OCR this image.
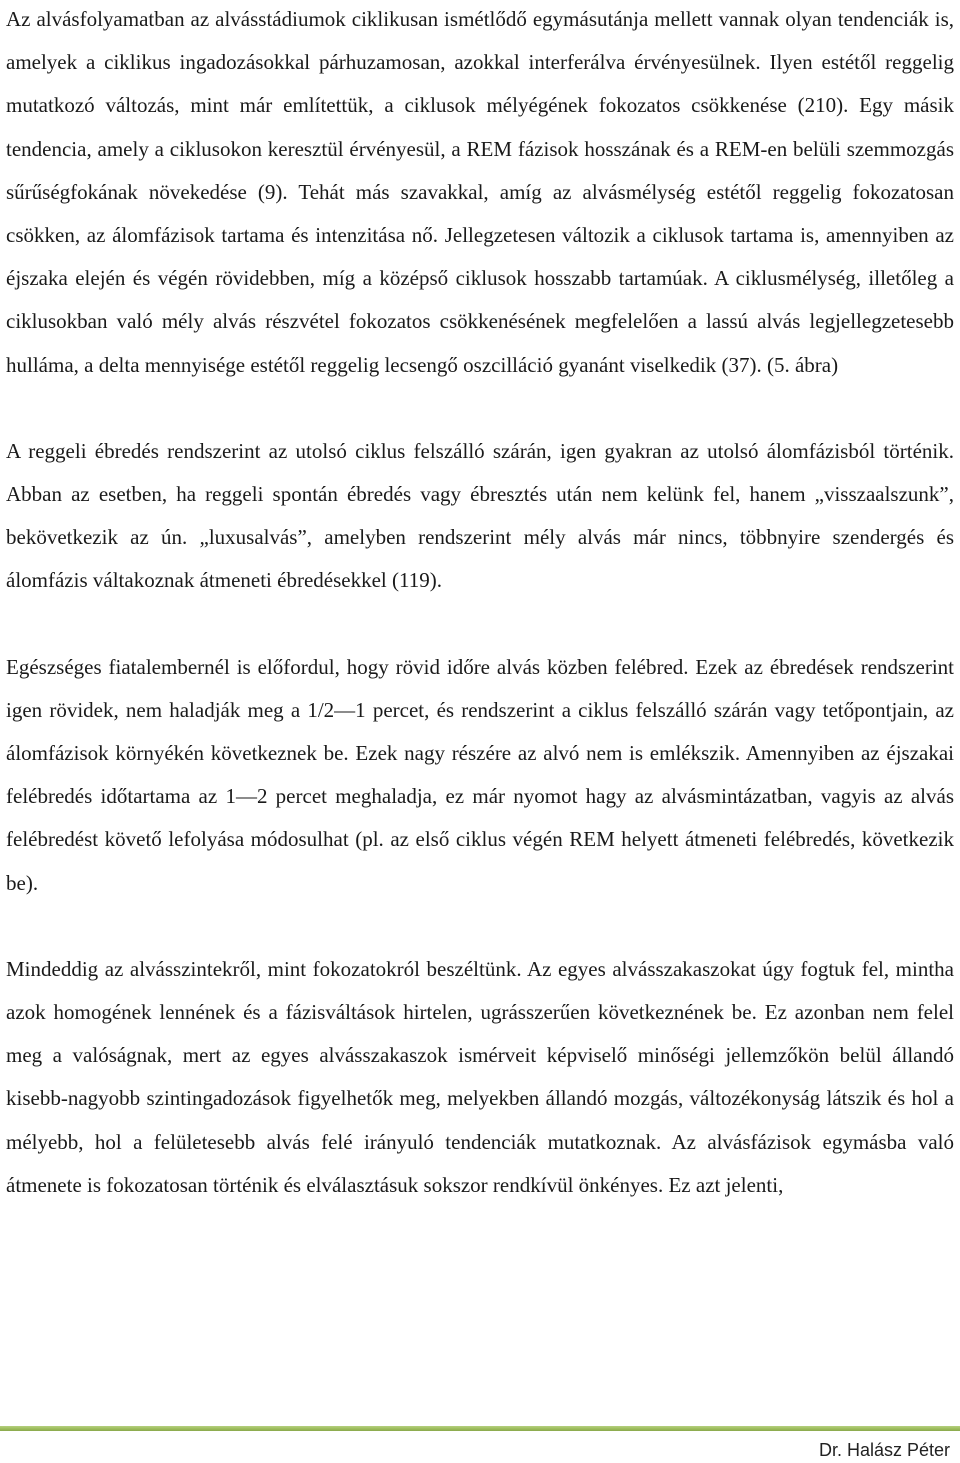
Az alvásfolyamatban az alvásstádiumok ciklikusan ismétlődő egymásutánja mellett vannak olyan tendenciák is, amelyek a ciklikus ingadozásokkal párhuzamosan, azokkal interferálva érvényesülnek. Ilyen estétől reggelig mutatkozó változás, mint már említettük, a ciklusok mélyégének fokozatos csökkenése (210). Egy másik tendencia, amely a ciklusokon keresztül érvényesül, a REM fázisok hosszának és a REM-en belüli szemmozgás sűrűségfokának növekedése (9). Tehát más szavakkal, amíg az alvásmélység estétől reggelig fokozatosan csökken, az álomfázisok tartama és intenzitása nő. Jellegzetesen változik a ciklusok tartama is, amennyiben az éjszaka elején és végén rövidebben, míg a középső ciklusok hosszabb tartamúak. A ciklusmélység, illetőleg a ciklusokban való mély alvás részvétel fokozatos csökkenésének megfelelően a lassú alvás legjellegzetesebb hulláma, a delta mennyisége estétől reggelig lecsengő oszcilláció gyanánt viselkedik (37). (5. ábra)

A reggeli ébredés rendszerint az utolsó ciklus felszálló szárán, igen gyakran az utolsó álomfázisból történik. Abban az esetben, ha reggeli spontán ébredés vagy ébresztés után nem kelünk fel, hanem „visszaalszunk”, bekövetkezik az ún. „luxusalvás”, amelyben rendszerint mély alvás már nincs, többnyire szendergés és álomfázis váltakoznak átmeneti ébredésekkel (119).

Egészséges fiatalembernél is előfordul, hogy rövid időre alvás közben felébred. Ezek az ébredések rendszerint igen rövidek, nem haladják meg a 1/2—1 percet, és rendszerint a ciklus felszálló szárán vagy tetőpontjain, az álomfázisok környékén következnek be. Ezek nagy részére az alvó nem is emlékszik. Amennyiben az éjszakai felébredés időtartama az 1—2 percet meghaladja, ez már nyomot hagy az alvásmintázatban, vagyis az alvás felébredést követő lefolyása módosulhat (pl. az első ciklus végén REM helyett átmeneti felébredés, következik be).

Mindeddig az alvásszintekről, mint fokozatokról beszéltünk. Az egyes alvásszakaszokat úgy fogtuk fel, mintha azok homogének lennének és a fázisváltások hirtelen, ugrásszerűen következnének be. Ez azonban nem felel meg a valóságnak, mert az egyes alvásszakaszok ismérveit képviselő minőségi jellemzőkön belül állandó kisebb-nagyobb szintingadozások figyelhetők meg, melyekben állandó mozgás, változékonyság látszik és hol a mélyebb, hol a felületesebb alvás felé irányuló tendenciák mutatkoznak. Az alvásfázisok egymásba való átmenete is fokozatosan történik és elválasztásuk sokszor rendkívül önkényes. Ez azt jelenti,

Dr. Halász Péter
